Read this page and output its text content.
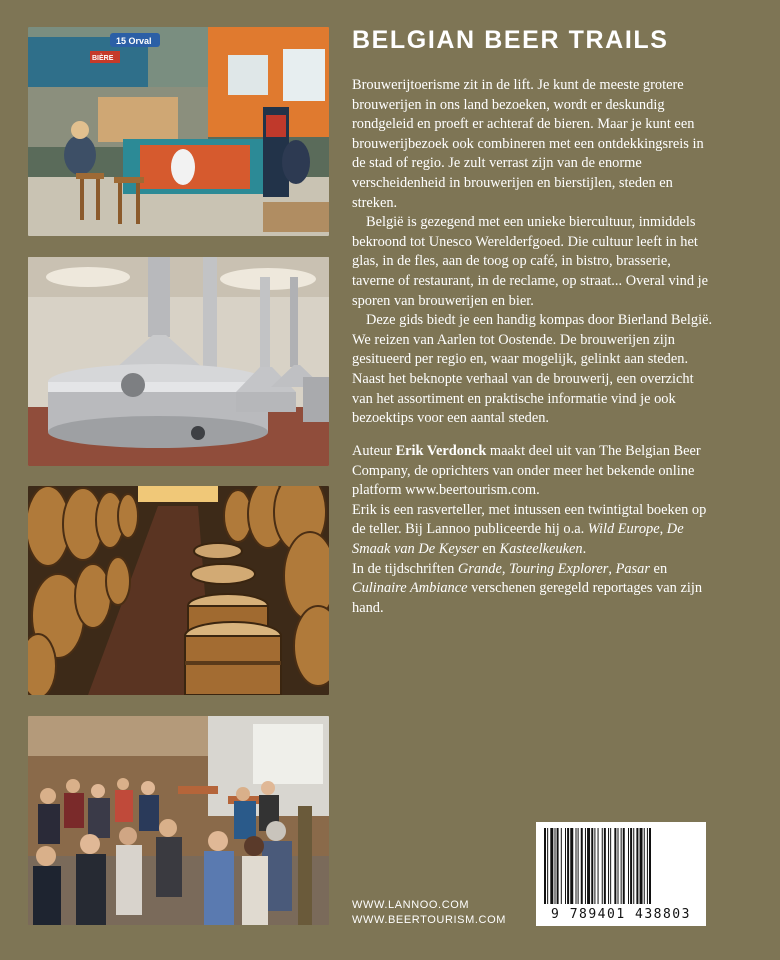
15 Orval
BIÈRE
BELGIAN BEER TRAILS

Brouwerijtoerisme zit in de lift. Je kunt de meeste grotere brouwerijen in ons land bezoeken, wordt er deskundig rondgeleid en proeft er achteraf de bieren. Maar je kunt een brouwerijbezoek ook combineren met een ontdekkingsreis in de stad of regio. Je zult verrast zijn van de enorme verscheidenheid in brouwerijen en bierstijlen, steden en streken.

België is gezegend met een unieke biercultuur, inmiddels bekroond tot Unesco Werelderfgoed. Die cultuur leeft in het glas, in de fles, aan de toog op café, in bistro, brasserie, taverne of restaurant, in de reclame, op straat... Overal vind je sporen van brouwerijen en bier.

Deze gids biedt je een handig kompas door Bierland België. We reizen van Aarlen tot Oostende. De brouwerijen zijn gesitueerd per regio en, waar mogelijk, gelinkt aan steden. Naast het beknopte verhaal van de brouwerij, een overzicht van het assortiment en praktische informatie vind je ook bezoektips voor een aantal steden.

Auteur Erik Verdonck maakt deel uit van The Belgian Beer Company, de oprichters van onder meer het bekende online platform www.beertourism.com.

Erik is een rasverteller, met intussen een twintigtal boeken op de teller. Bij Lannoo publiceerde hij o.a. Wild Europe, De Smaak van De Keyser en Kasteelkeuken.

In de tijdschriften Grande, Touring Explorer, Pasar en Culinaire Ambiance verschenen geregeld reportages van zijn hand.

WWW.LANNOO.COM
WWW.BEERTOURISM.COM	9 789401 438803
